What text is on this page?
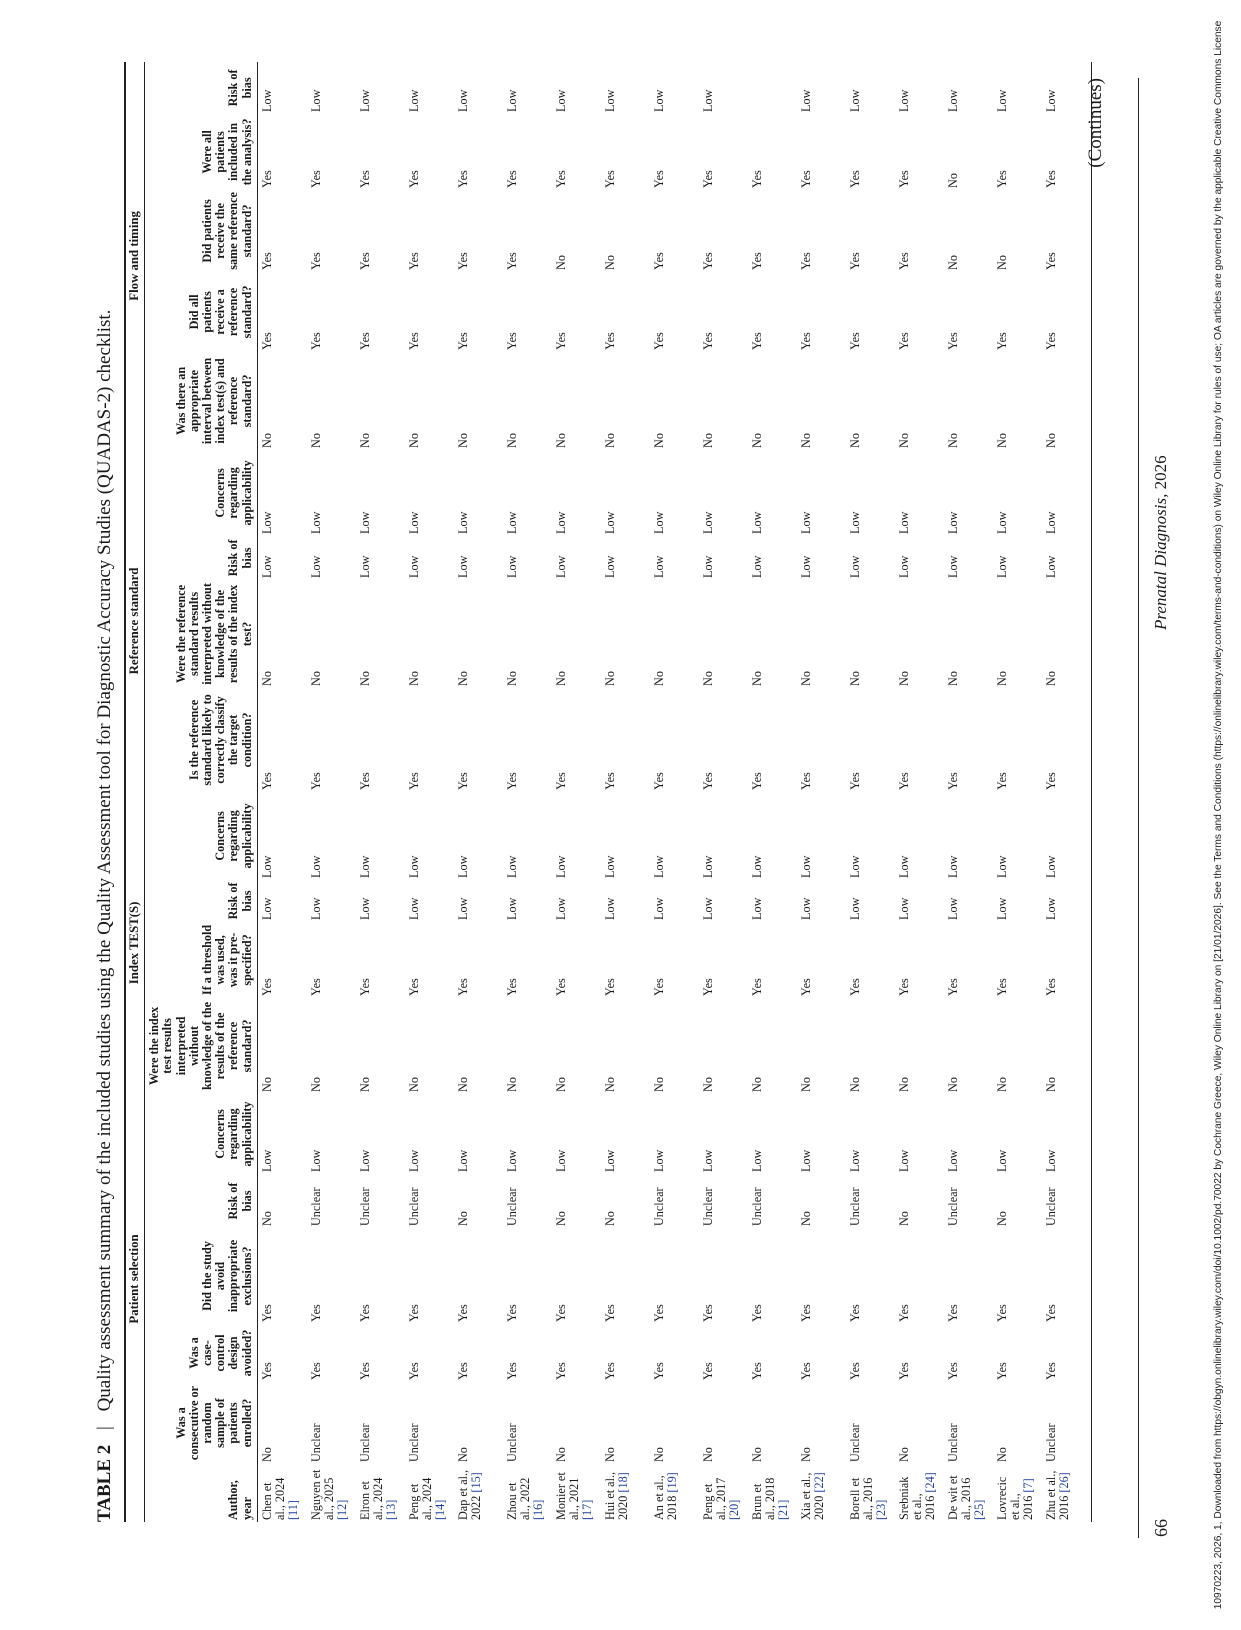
TABLE 2 | Quality assessment summary of the included studies using the Quality Assessment tool for Diagnostic Accuracy Studies (QUADAS-2) checklist.
	Patient selection					Index TEST(S)				Reference standard				Flow and timing				
Author, year	Was a consecutive or random sample of patients enrolled?	Was a case-control design avoided?	Did the study avoid inappropriate exclusions?	Risk of bias	Concerns regarding applicability	Were the index test results interpreted without knowledge of the results of the reference standard?	If a threshold was used, was it pre-specified?	Risk of bias	Concerns regarding applicability	Is the reference standard likely to correctly classify the target condition?	Were the reference standard results interpreted without knowledge of the results of the index test?	Risk of bias	Concerns regarding applicability	Was there an appropriate interval between index test(s) and reference standard?	Did all patients receive a reference standard?	Did patients receive the same reference standard?	Were all patients included in the analysis?	Risk of bias
Chen et al., 2024 [11]	No	Yes	Yes	No	Low	No	Yes	Low	Low	Yes	No	Low	Low	No	Yes	Yes	Yes	Low
Nguyen et al., 2025 [12]	Unclear	Yes	Yes	Unclear	Low	No	Yes	Low	Low	Yes	No	Low	Low	No	Yes	Yes	Yes	Low
Elron et al., 2024 [13]	Unclear	Yes	Yes	Unclear	Low	No	Yes	Low	Low	Yes	No	Low	Low	No	Yes	Yes	Yes	Low
Peng et al., 2024 [14]	Unclear	Yes	Yes	Unclear	Low	No	Yes	Low	Low	Yes	No	Low	Low	No	Yes	Yes	Yes	Low
Dap et al., 2022 [15]	No	Yes	Yes	No	Low	No	Yes	Low	Low	Yes	No	Low	Low	No	Yes	Yes	Yes	Low
Zhou et al., 2022 [16]	Unclear	Yes	Yes	Unclear	Low	No	Yes	Low	Low	Yes	No	Low	Low	No	Yes	Yes	Yes	Low
Monier et al., 2021 [17]	No	Yes	Yes	No	Low	No	Yes	Low	Low	Yes	No	Low	Low	No	Yes	No	Yes	Low
Hui et al., 2020 [18]	No	Yes	Yes	No	Low	No	Yes	Low	Low	Yes	No	Low	Low	No	Yes	No	Yes	Low
An et al., 2018 [19]	No	Yes	Yes	Unclear	Low	No	Yes	Low	Low	Yes	No	Low	Low	No	Yes	Yes	Yes	Low
Peng et al., 2017 [20]	No	Yes	Yes	Unclear	Low	No	Yes	Low	Low	Yes	No	Low	Low	No	Yes	Yes	Yes	Low
Brun et al., 2018 [21]	No	Yes	Yes	Unclear	Low	No	Yes	Low	Low	Yes	No	Low	Low	No	Yes	Yes	Yes	
Xia et al., 2020 [22]	No	Yes	Yes	No	Low	No	Yes	Low	Low	Yes	No	Low	Low	No	Yes	Yes	Yes	Low
Borell et al., 2016 [23]	Unclear	Yes	Yes	Unclear	Low	No	Yes	Low	Low	Yes	No	Low	Low	No	Yes	Yes	Yes	Low
Srebniak et al., 2016 [24]	No	Yes	Yes	No	Low	No	Yes	Low	Low	Yes	No	Low	Low	No	Yes	Yes	Yes	Low
De wit et al., 2016 [25]	Unclear	Yes	Yes	Unclear	Low	No	Yes	Low	Low	Yes	No	Low	Low	No	Yes	No	No	Low
Lovrecic et al., 2016 [7]	No	Yes	Yes	No	Low	No	Yes	Low	Low	Yes	No	Low	Low	No	Yes	No	Yes	Low
Zhu et al., 2016 [26]	Unclear	Yes	Yes	Unclear	Low	No	Yes	Low	Low	Yes	No	Low	Low	No	Yes	Yes	Yes	Low (Continues)
66
Prenatal Diagnosis, 2026	10970223, 2026, 1, Downloaded from https://obgyn.onlinelibrary.wiley.com/doi/10.1002/pd.70022 by Cochrane Greece, Wiley Online Library on [21/01/2026]. See the Terms and Conditions (https://onlinelibrary.wiley.com/terms-and-conditions) on Wiley Online Library for rules of use; OA articles are governed by the applicable Creative Commons License
